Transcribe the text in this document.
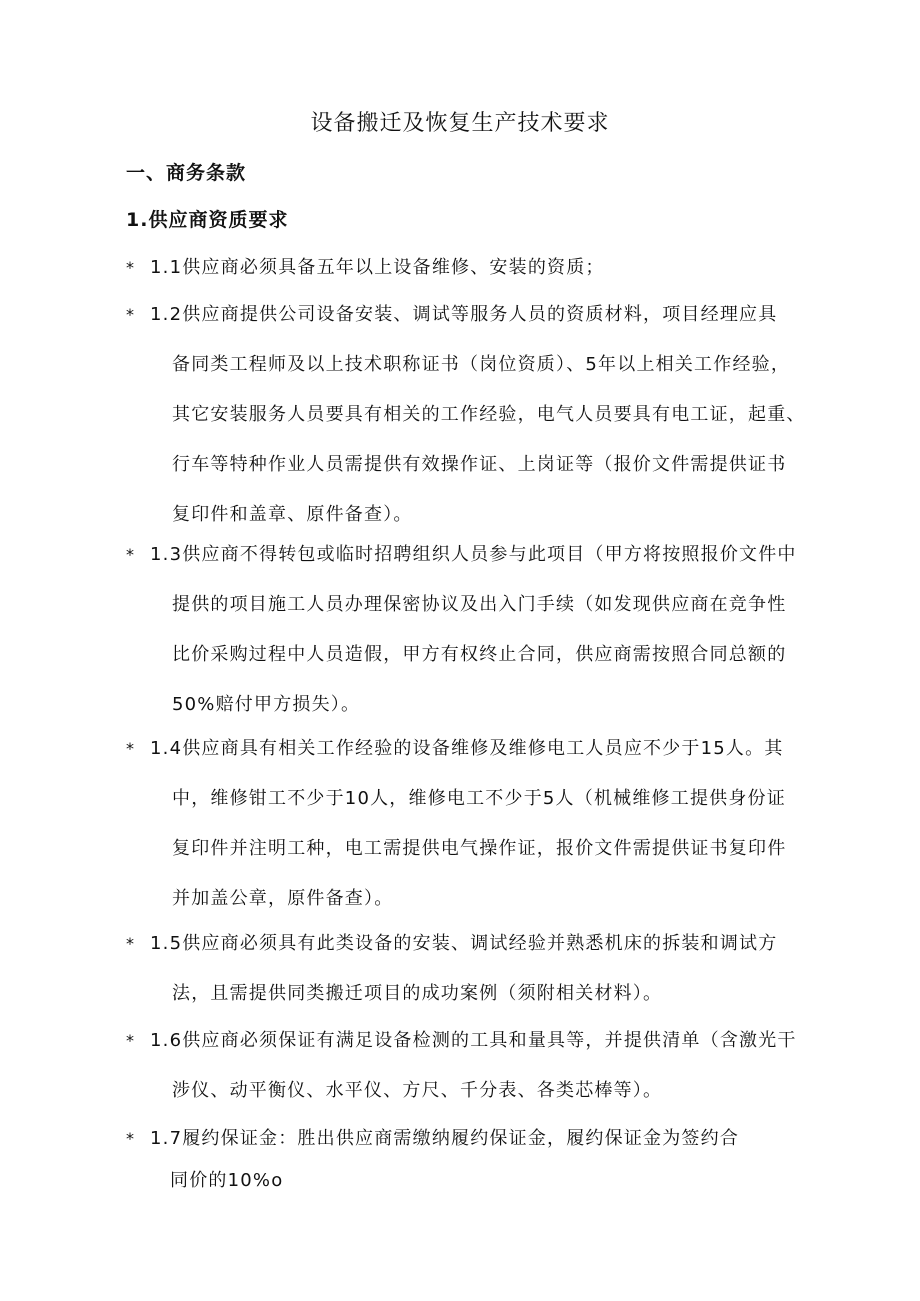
设备搬迁及恢复生产技术要求
一、商务条款
1.供应商资质要求
* 1.1供应商必须具备五年以上设备维修、安装的资质；
* 1.2供应商提供公司设备安装、调试等服务人员的资质材料，项目经理应具
备同类工程师及以上技术职称证书（岗位资质）、5年以上相关工作经验，
其它安装服务人员要具有相关的工作经验，电气人员要具有电工证，起重、
行车等特种作业人员需提供有效操作证、上岗证等（报价文件需提供证书
复印件和盖章、原件备查）。
* 1.3供应商不得转包或临时招聘组织人员参与此项目（甲方将按照报价文件中
提供的项目施工人员办理保密协议及出入门手续（如发现供应商在竞争性
比价采购过程中人员造假，甲方有权终止合同，供应商需按照合同总额的
50%赔付甲方损失）。
* 1.4供应商具有相关工作经验的设备维修及维修电工人员应不少于15人。其
中，维修钳工不少于10人，维修电工不少于5人（机械维修工提供身份证
复印件并注明工种，电工需提供电气操作证，报价文件需提供证书复印件
并加盖公章，原件备查）。
* 1.5供应商必须具有此类设备的安装、调试经验并熟悉机床的拆装和调试方
法，且需提供同类搬迁项目的成功案例（须附相关材料）。
* 1.6供应商必须保证有满足设备检测的工具和量具等，并提供清单（含激光干
涉仪、动平衡仪、水平仪、方尺、千分表、各类芯棒等）。
* 1.7履约保证金：胜出供应商需缴纳履约保证金，履约保证金为签约合
同价的10%o
